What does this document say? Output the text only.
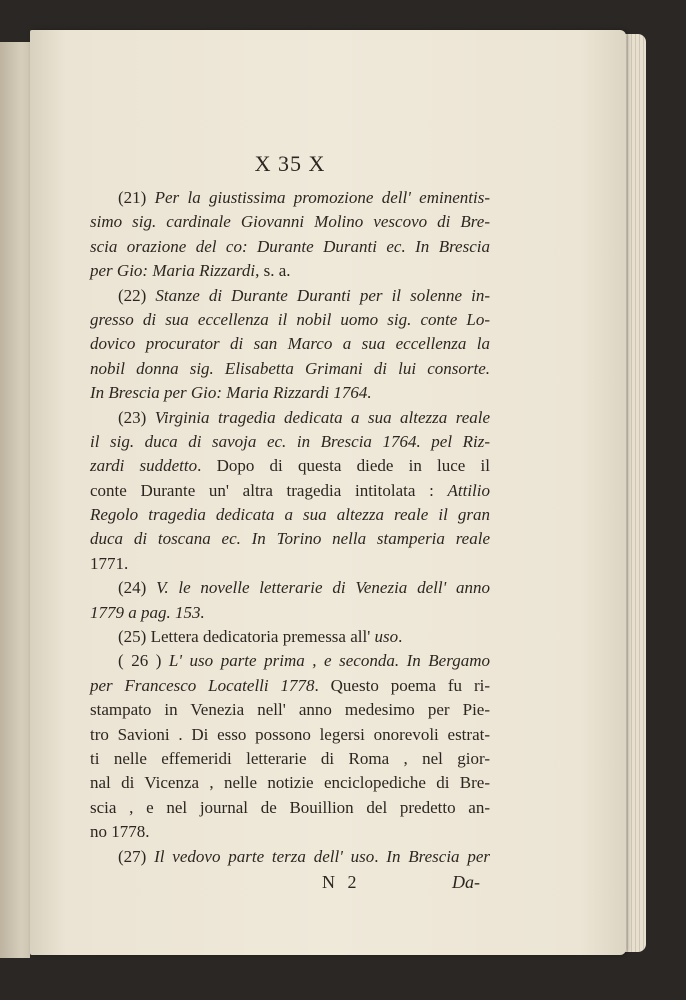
X 35 X
(21) Per la giustissima promozione dell' eminentis-
simo sig. cardinale Giovanni Molino vescovo di Bre-
scia orazione del co: Durante Duranti ec. In Brescia
per Gio: Maria Rizzardi, s. a.
(22) Stanze di Durante Duranti per il solenne in-
gresso di sua eccellenza il nobil uomo sig. conte Lo-
dovico procurator di san Marco a sua eccellenza la
nobil donna sig. Elisabetta Grimani di lui consorte.
In Brescia per Gio: Maria Rizzardi 1764.
(23) Virginia tragedia dedicata a sua altezza reale
il sig. duca di savoja ec. in Brescia 1764. pel Riz-
zardi suddetto. Dopo di questa diede in luce il
conte Durante un' altra tragedia intitolata : Attilio
Regolo tragedia dedicata a sua altezza reale il gran
duca di toscana ec. In Torino nella stamperia reale
1771.
(24) V. le novelle letterarie di Venezia dell' anno
1779 a pag. 153.
(25) Lettera dedicatoria premessa all' uso.
( 26 ) L' uso parte prima , e seconda. In Bergamo
per Francesco Locatelli 1778. Questo poema fu ri-
stampato in Venezia nell' anno medesimo per Pie-
tro Savioni . Di esso possono legersi onorevoli estrat-
ti nelle effemeridi letterarie di Roma , nel gior-
nal di Vicenza , nelle notizie enciclopediche di Bre-
scia , e nel journal de Bouillion del predetto an-
no 1778.
(27) Il vedovo parte terza dell' uso. In Brescia per
N 2	Da-
